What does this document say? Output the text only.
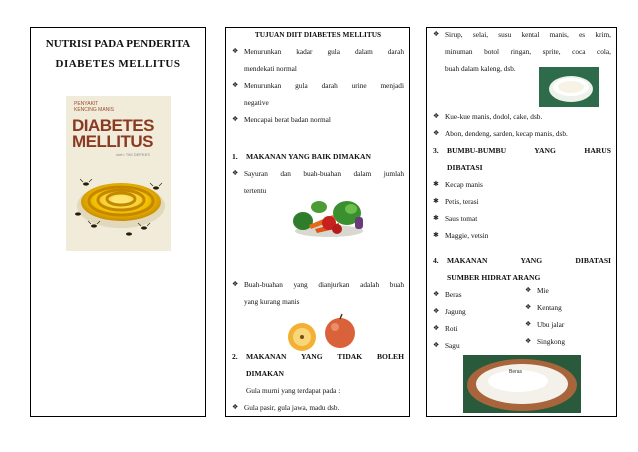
NUTRISI PADA PENDERITA
DIABETES MELLITUS
PENYAKIT
KENCING MANIS
DIABETES
MELLITUS
oleh: TIM DEPKES
TUJUAN DIIT DIABETES MELLITUS
❖ Menurunkan kadar gula dalam darah
mendekati normal
❖ Menurunkan gula darah urine menjadi
negative
❖ Mencapai berat badan normal
1.	MAKANAN YANG BAIK DIMAKAN
❖ Sayuran dan buah-buahan dalam jumlah
tertentu
❖ Buah-buahan yang dianjurkan adalah buah
yang kurang manis
2.	MAKANAN YANG TIDAK BOLEH
DIMAKAN
Gula murni yang terdapat pada :
❖ Gula pasir, gula jawa, madu dsb.
❖ Sirup, selai, susu kental manis, es krim,
minuman botol ringan, sprite, coca cola,
buah dalam kaleng, dsb.
❖ Kue-kue manis, dodol, cake, dsb.
❖ Abon, dendeng, sarden, kecap manis, dsb.
3.	BUMBU-BUMBU YANG HARUS
DIBATASI
✱ Kecap manis
✱ Petis, terasi
✱ Saus tomat
✱ Maggie, vetsin
4.	MAKANAN YANG DIBATASI
SUMBER HIDRAT ARANG
❖ Beras
❖ Jagung
❖ Roti
❖ Sagu
❖ Mie
❖ Kentang
❖ Ubu jalar
❖ Singkong
Beras
